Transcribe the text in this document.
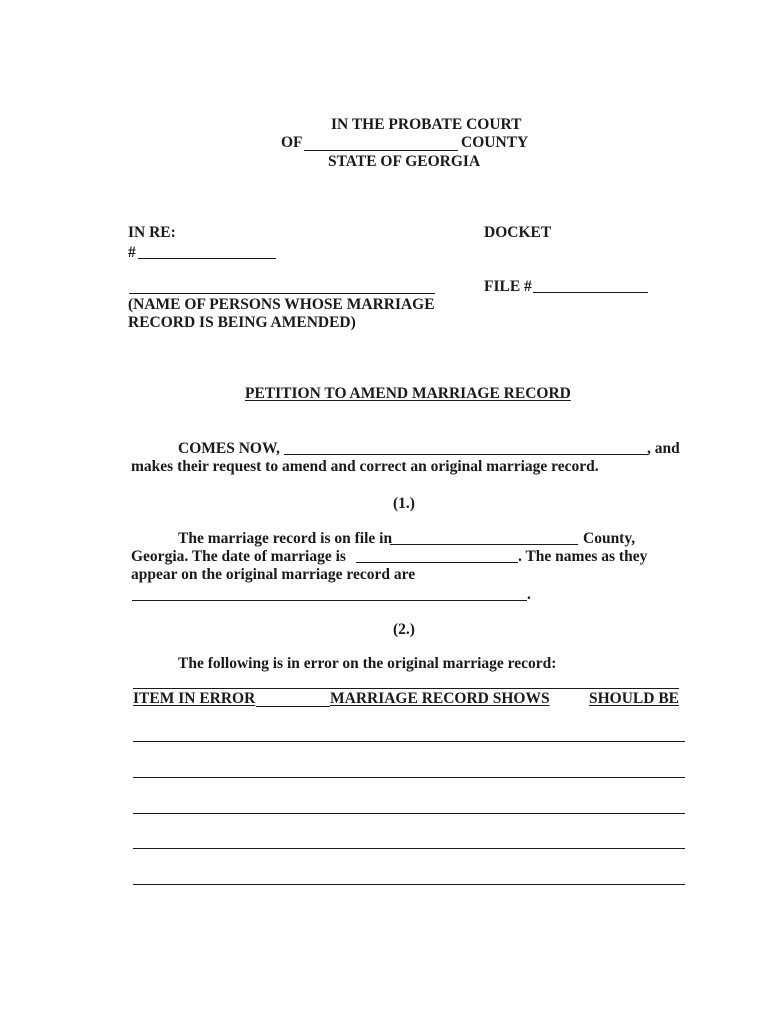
IN THE PROBATE COURT
OF	COUNTY
STATE OF GEORGIA
IN RE:
#
(NAME OF PERSONS WHOSE MARRIAGE
RECORD IS BEING AMENDED)
DOCKET
FILE #
PETITION TO AMEND MARRIAGE RECORD
COMES NOW,	, and
makes their request to amend and correct an original marriage record.
(1.)
The marriage record is on file in	County,
Georgia. The date of marriage is	. The names as they
appear on the original marriage record are
.
(2.)
The following is in error on the original marriage record:
ITEM IN ERROR	MARRIAGE RECORD SHOWS	SHOULD BE
